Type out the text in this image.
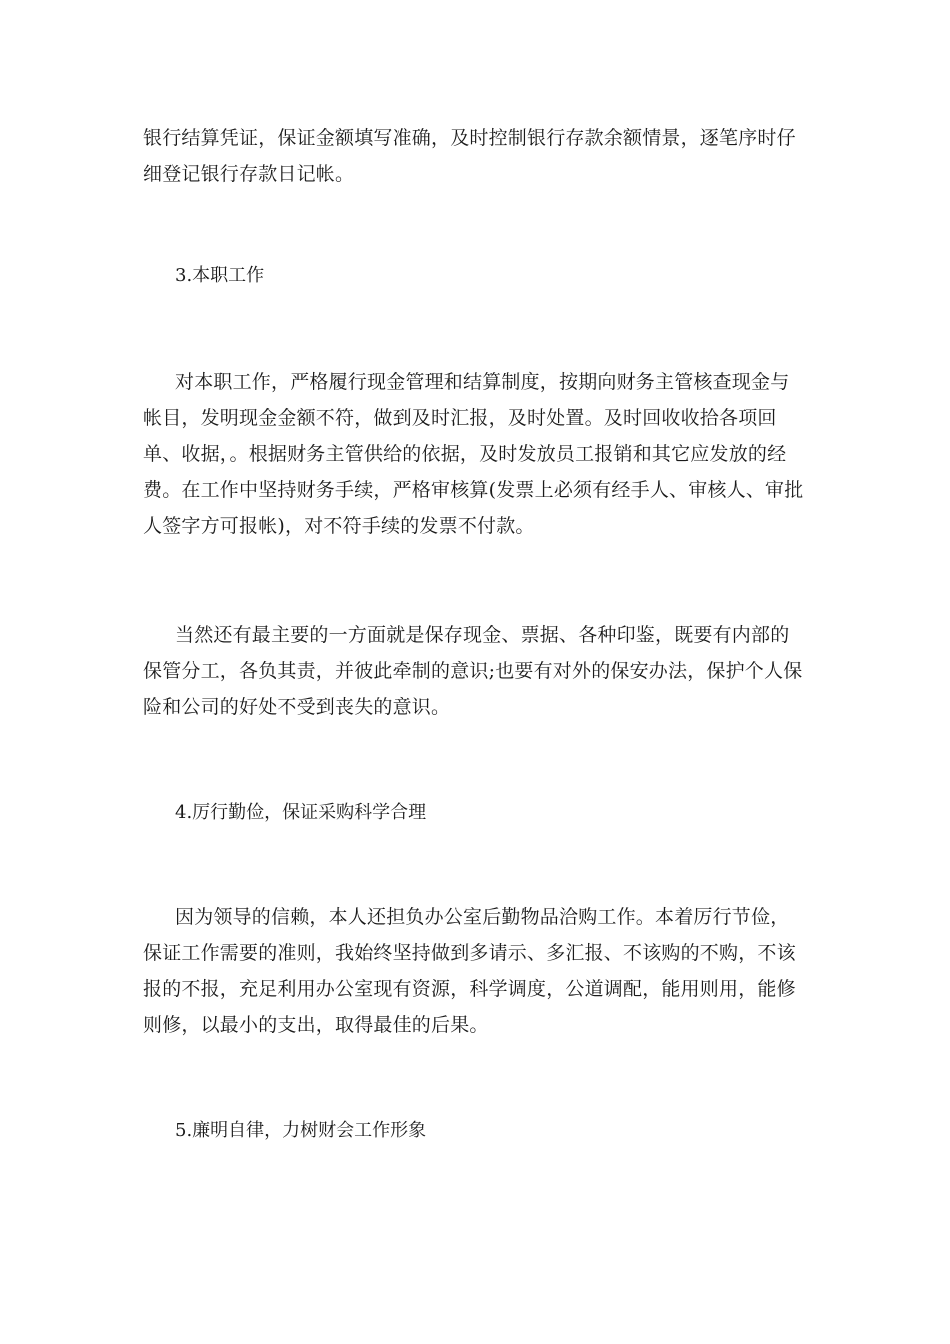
银行结算凭证，保证金额填写准确，及时控制银行存款余额情景，逐笔序时仔细登记银行存款日记帐。

3.本职工作

对本职工作，严格履行现金管理和结算制度，按期向财务主管核查现金与帐目，发明现金金额不符，做到及时汇报，及时处置。及时回收收拾各项回单、收据，。根据财务主管供给的依据，及时发放员工报销和其它应发放的经费。在工作中坚持财务手续，严格审核算(发票上必须有经手人、审核人、审批人签字方可报帐)，对不符手续的发票不付款。

当然还有最主要的一方面就是保存现金、票据、各种印鉴，既要有内部的保管分工，各负其责，并彼此牵制的意识;也要有对外的保安办法，保护个人保险和公司的好处不受到丧失的意识。

4.厉行勤俭，保证采购科学合理

因为领导的信赖，本人还担负办公室后勤物品洽购工作。本着厉行节俭，保证工作需要的准则，我始终坚持做到多请示、多汇报、不该购的不购，不该报的不报，充足利用办公室现有资源，科学调度，公道调配，能用则用，能修则修，以最小的支出，取得最佳的后果。

5.廉明自律，力树财会工作形象
